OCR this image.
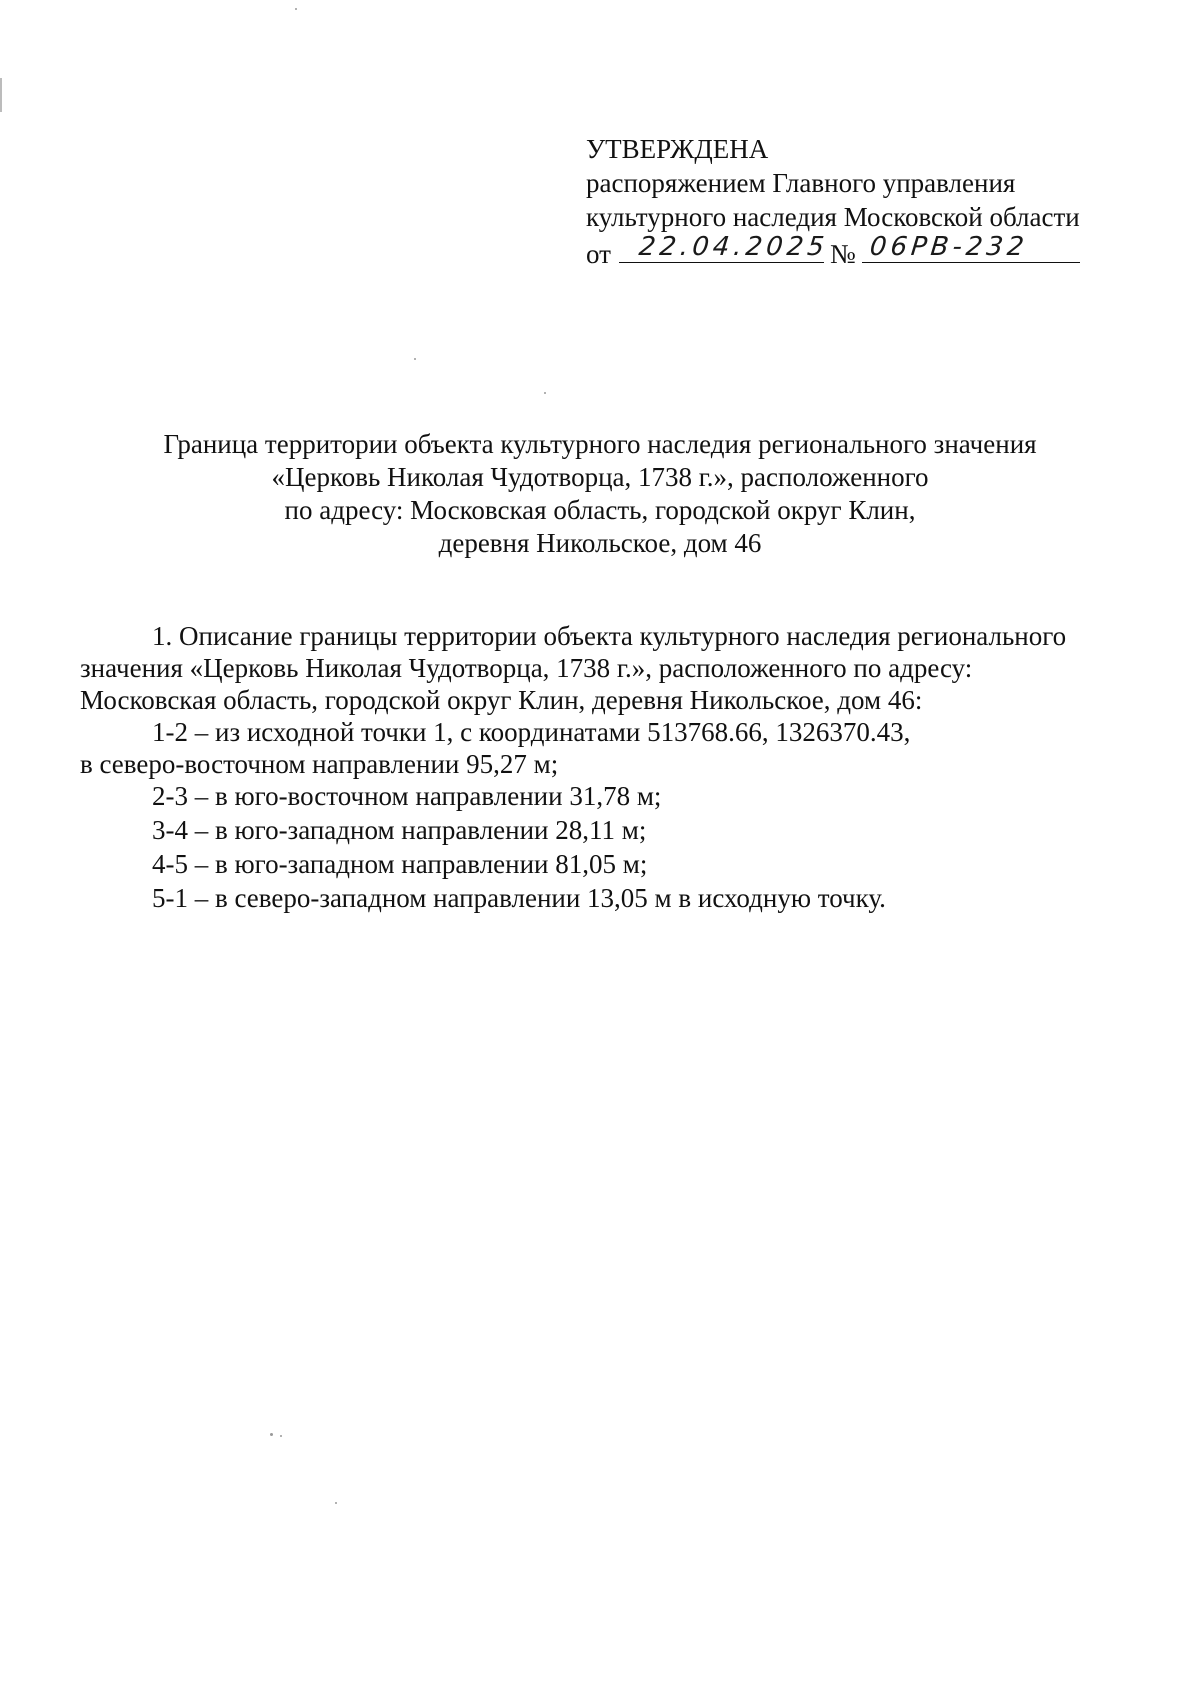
УТВЕРЖДЕНА
распоряжением Главного управления
культурного наследия Московской области
от 22.04.2025 № 06РВ-232
Граница территории объекта культурного наследия регионального значения
«Церковь Николая Чудотворца, 1738 г.», расположенного
по адресу: Московская область, городской округ Клин,
деревня Никольское, дом 46

1. Описание границы территории объекта культурного наследия регионального

значения «Церковь Николая Чудотворца, 1738 г.», расположенного по адресу:

Московская область, городской округ Клин, деревня Никольское, дом 46:

1-2 – из исходной точки 1, с координатами 513768.66, 1326370.43,

в северо-восточном направлении 95,27 м;

2-3 – в юго-восточном направлении 31,78 м;
3-4 – в юго-западном направлении 28,11 м;
4-5 – в юго-западном направлении 81,05 м;
5-1 – в северо-западном направлении 13,05 м в исходную точку.
